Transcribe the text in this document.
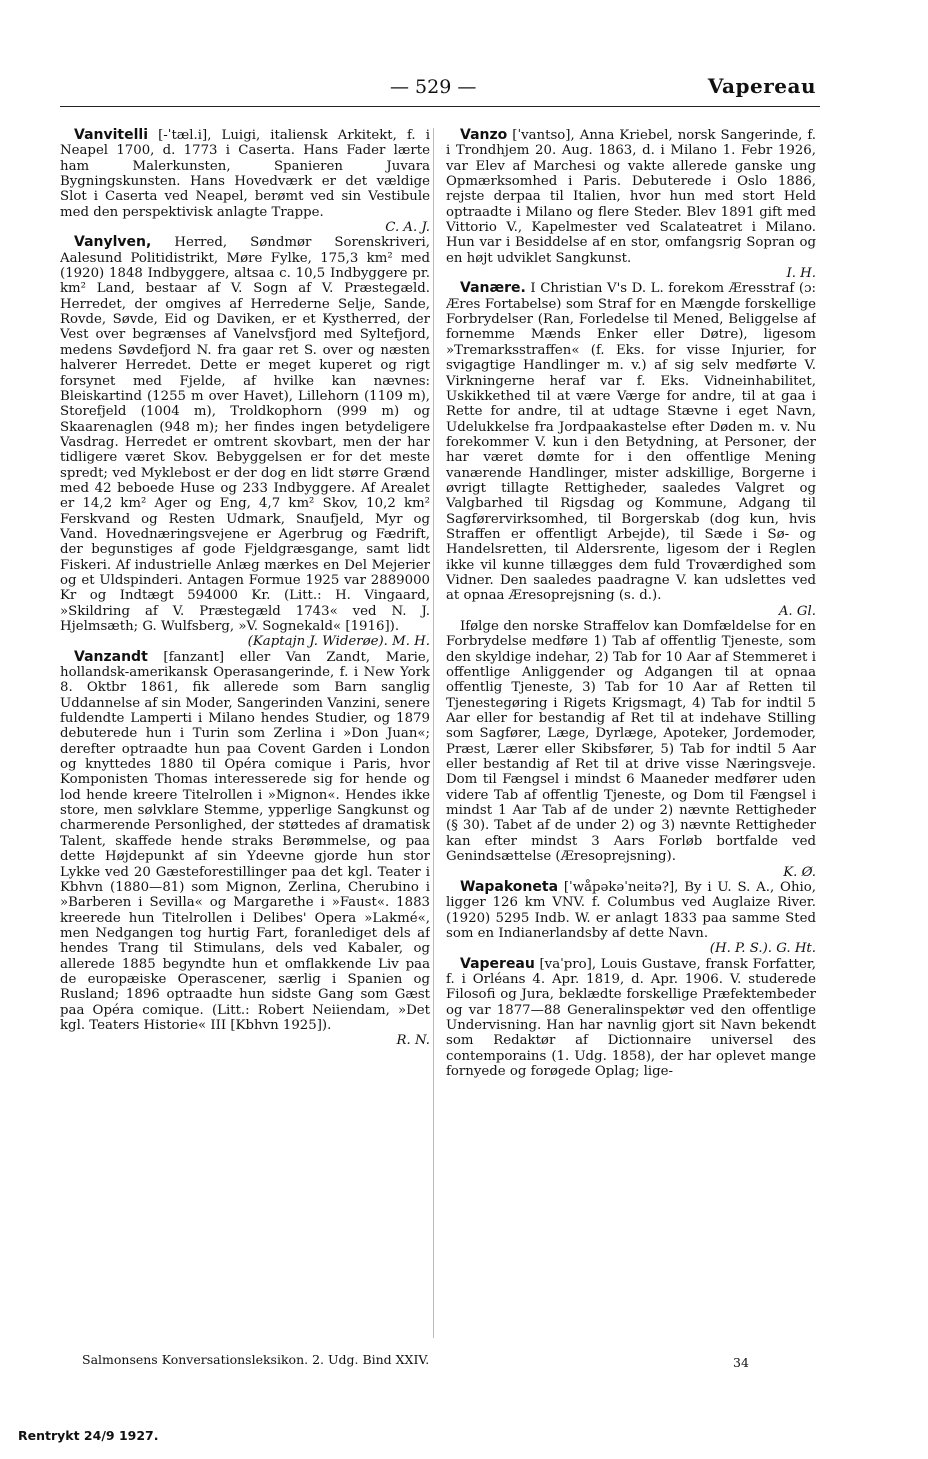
— 529 —	Vapereau

Vanvitelli [-ˈtæl.i], Luigi, italiensk Arkitekt, f. i Neapel 1700, d. 1773 i Caserta. Hans Fader lærte ham Malerkunsten, Spanieren Juvara Bygningskunsten. Hans Hovedværk er det vældige Slot i Caserta ved Neapel, berømt ved sin Vestibule med den perspektivisk anlagte Trappe.
C. A. J.

Vanylven, Herred, Søndmør Sorenskriveri, Aalesund Politidistrikt, Møre Fylke, 175,3 km² med (1920) 1848 Indbyggere, altsaa c. 10,5 Indbyggere pr. km² Land, bestaar af V. Sogn af V. Præstegæld. Herredet, der omgives af Herrederne Selje, Sande, Rovde, Søvde, Eid og Daviken, er et Kystherred, der Vest over begrænses af Vanelvsfjord med Syltefjord, medens Søvdefjord N. fra gaar ret S. over og næsten halverer Herredet. Dette er meget kuperet og rigt forsynet med Fjelde, af hvilke kan nævnes: Bleiskartind (1255 m over Havet), Lillehorn (1109 m), Storefjeld (1004 m), Troldkophorn (999 m) og Skaarenaglen (948 m); her findes ingen betydeligere Vasdrag. Herredet er omtrent skovbart, men der har tidligere været Skov. Bebyggelsen er for det meste spredt; ved Myklebost er der dog en lidt større Grænd med 42 beboede Huse og 233 Indbyggere. Af Arealet er 14,2 km² Ager og Eng, 4,7 km² Skov, 10,2 km² Ferskvand og Resten Udmark, Snaufjeld, Myr og Vand. Hovednæringsvejene er Agerbrug og Fædrift, der begunstiges af gode Fjeldgræsgange, samt lidt Fiskeri. Af industrielle Anlæg mærkes en Del Mejerier og et Uldspinderi. Antagen Formue 1925 var 2889000 Kr og Indtægt 594000 Kr. (Litt.: H. Vingaard, »Skildring af V. Præstegæld 1743« ved N. J. Hjelmsæth; G. Wulfsberg, »V. Sognekald« [1916]).
(Kaptajn J. Widerøe). M. H.

Vanzandt [fanzant] eller Van Zandt, Marie, hollandsk-amerikansk Operasangerinde, f. i New York 8. Oktbr 1861, fik allerede som Barn sanglig Uddannelse af sin Moder, Sangerinden Vanzini, senere fuldendte Lamperti i Milano hendes Studier, og 1879 debuterede hun i Turin som Zerlina i »Don Juan«; derefter optraadte hun paa Covent Garden i London og knyttedes 1880 til Opéra comique i Paris, hvor Komponisten Thomas interesserede sig for hende og lod hende kreere Titelrollen i »Mignon«. Hendes ikke store, men sølvklare Stemme, ypperlige Sangkunst og charmerende Personlighed, der støttedes af dramatisk Talent, skaffede hende straks Berømmelse, og paa dette Højdepunkt af sin Ydeevne gjorde hun stor Lykke ved 20 Gæsteforestillinger paa det kgl. Teater i Kbhvn (1880—81) som Mignon, Zerlina, Cherubino i »Barberen i Sevilla« og Margarethe i »Faust«. 1883 kreerede hun Titelrollen i Delibes' Opera »Lakmé«, men Nedgangen tog hurtig Fart, foranlediget dels af hendes Trang til Stimulans, dels ved Kabaler, og allerede 1885 begyndte hun et omflakkende Liv paa de europæiske Operascener, særlig i Spanien og Rusland; 1896 optraadte hun sidste Gang som Gæst paa Opéra comique. (Litt.: Robert Neiiendam, »Det kgl. Teaters Historie« III [Kbhvn 1925]).
R. N.

Vanzo [ˈvantso], Anna Kriebel, norsk Sangerinde, f. i Trondhjem 20. Aug. 1863, d. i Milano 1. Febr 1926, var Elev af Marchesi og vakte allerede ganske ung Opmærksomhed i Paris. Debuterede i Oslo 1886, rejste derpaa til Italien, hvor hun med stort Held optraadte i Milano og flere Steder. Blev 1891 gift med Vittorio V., Kapelmester ved Scalateatret i Milano. Hun var i Besiddelse af en stor, omfangsrig Sopran og en højt udviklet Sangkunst.
I. H.

Vanære. I Christian V's D. L. forekom Æresstraf (ɔ: Æres Fortabelse) som Straf for en Mængde forskellige Forbrydelser (Ran, Forledelse til Mened, Beliggelse af fornemme Mænds Enker eller Døtre), ligesom »Tremarksstraffen« (f. Eks. for visse Injurier, for svigagtige Handlinger m. v.) af sig selv medførte V. Virkningerne heraf var f. Eks. Vidneinhabilitet, Uskikkethed til at være Værge for andre, til at gaa i Rette for andre, til at udtage Stævne i eget Navn, Udelukkelse fra Jordpaakastelse efter Døden m. v. Nu forekommer V. kun i den Betydning, at Personer, der har været dømte for i den offentlige Mening vanærende Handlinger, mister adskillige, Borgerne i øvrigt tillagte Rettigheder, saaledes Valgret og Valgbarhed til Rigsdag og Kommune, Adgang til Sagførervirksomhed, til Borgerskab (dog kun, hvis Straffen er offentligt Arbejde), til Sæde i Sø- og Handelsretten, til Aldersrente, ligesom der i Reglen ikke vil kunne tillægges dem fuld Troværdighed som Vidner. Den saaledes paadragne V. kan udslettes ved at opnaa Æresoprejsning (s. d.).
A. Gl.

Ifølge den norske Straffelov kan Domfældelse for en Forbrydelse medføre 1) Tab af offentlig Tjeneste, som den skyldige indehar, 2) Tab for 10 Aar af Stemmeret i offentlige Anliggender og Adgangen til at opnaa offentlig Tjeneste, 3) Tab for 10 Aar af Retten til Tjenestegøring i Rigets Krigsmagt, 4) Tab for indtil 5 Aar eller for bestandig af Ret til at indehave Stilling som Sagfører, Læge, Dyrlæge, Apoteker, Jordemoder, Præst, Lærer eller Skibsfører, 5) Tab for indtil 5 Aar eller bestandig af Ret til at drive visse Næringsveje. Dom til Fængsel i mindst 6 Maaneder medfører uden videre Tab af offentlig Tjeneste, og Dom til Fængsel i mindst 1 Aar Tab af de under 2) nævnte Rettigheder (§ 30). Tabet af de under 2) og 3) nævnte Rettigheder kan efter mindst 3 Aars Forløb bortfalde ved Genindsættelse (Æresoprejsning).
K. Ø.

Wapakoneta [ˈwåpəkəˈneitə?], By i U. S. A., Ohio, ligger 126 km VNV. f. Columbus ved Auglaize River. (1920) 5295 Indb. W. er anlagt 1833 paa samme Sted som en Indianerlandsby af dette Navn.
(H. P. S.). G. Ht.

Vapereau [vaˈpro], Louis Gustave, fransk Forfatter, f. i Orléans 4. Apr. 1819, d. Apr. 1906. V. studerede Filosofi og Jura, beklædte forskellige Præfektembeder og var 1877—88 Generalinspektør ved den offentlige Undervisning. Han har navnlig gjort sit Navn bekendt som Redaktør af Dictionnaire universel des contemporains (1. Udg. 1858), der har oplevet mange fornyede og forøgede Oplag; lige-

Salmonsens Konversationsleksikon. 2. Udg. Bind XXIV.	34
Rentrykt 24/9 1927.
